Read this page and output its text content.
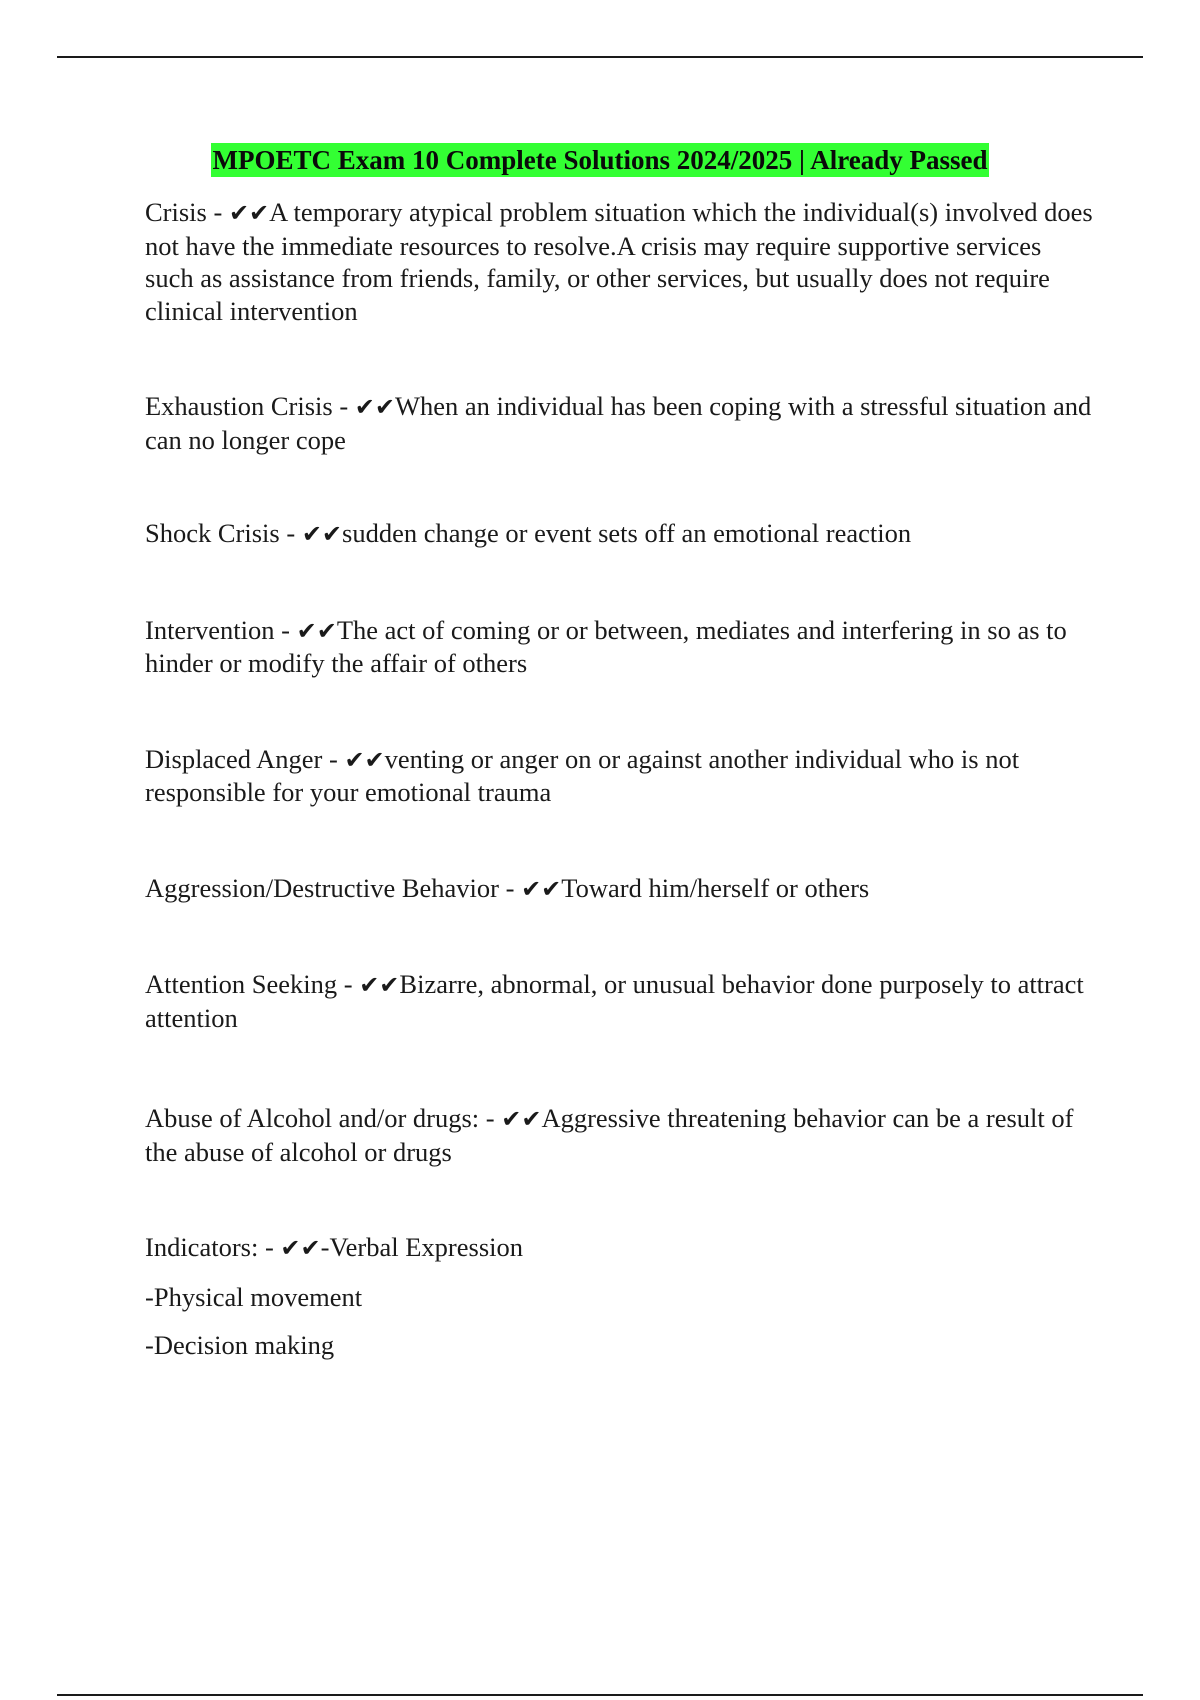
MPOETC Exam 10 Complete Solutions 2024/2025 | Already Passed

Crisis - ✔✔A temporary atypical problem situation which the individual(s) involved does not have the immediate resources to resolve.A crisis may require supportive services such as assistance from friends, family, or other services, but usually does not require clinical intervention

Exhaustion Crisis - ✔✔When an individual has been coping with a stressful situation and can no longer cope

Shock Crisis - ✔✔sudden change or event sets off an emotional reaction

Intervention - ✔✔The act of coming or or between, mediates and interfering in so as to hinder or modify the affair of others

Displaced Anger - ✔✔venting or anger on or against another individual who is not responsible for your emotional trauma

Aggression/Destructive Behavior - ✔✔Toward him/herself or others

Attention Seeking - ✔✔Bizarre, abnormal, or unusual behavior done purposely to attract attention

Abuse of Alcohol and/or drugs: - ✔✔Aggressive threatening behavior can be a result of the abuse of alcohol or drugs

Indicators: - ✔✔-Verbal Expression

-Physical movement

-Decision making
